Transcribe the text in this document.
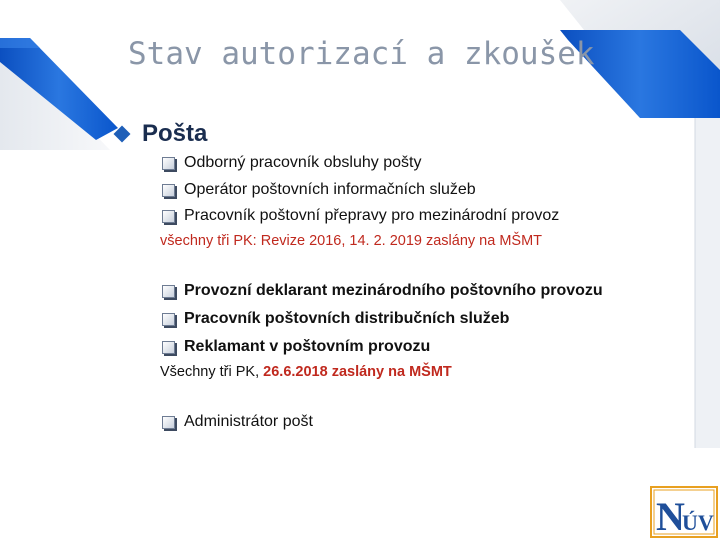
Stav autorizací a zkoušek
Pošta
Odborný pracovník obsluhy pošty
Operátor poštovních informačních služeb
Pracovník poštovní přepravy pro mezinárodní provoz
všechny tři PK: Revize 2016, 14. 2. 2019 zaslány na MŠMT
Provozní deklarant mezinárodního poštovního provozu
Pracovník poštovních distribučních služeb
Reklamant v poštovním provozu
Všechny tři PK, 26.6.2018 zaslány na MŠMT
Administrátor pošt
N
ÚV
